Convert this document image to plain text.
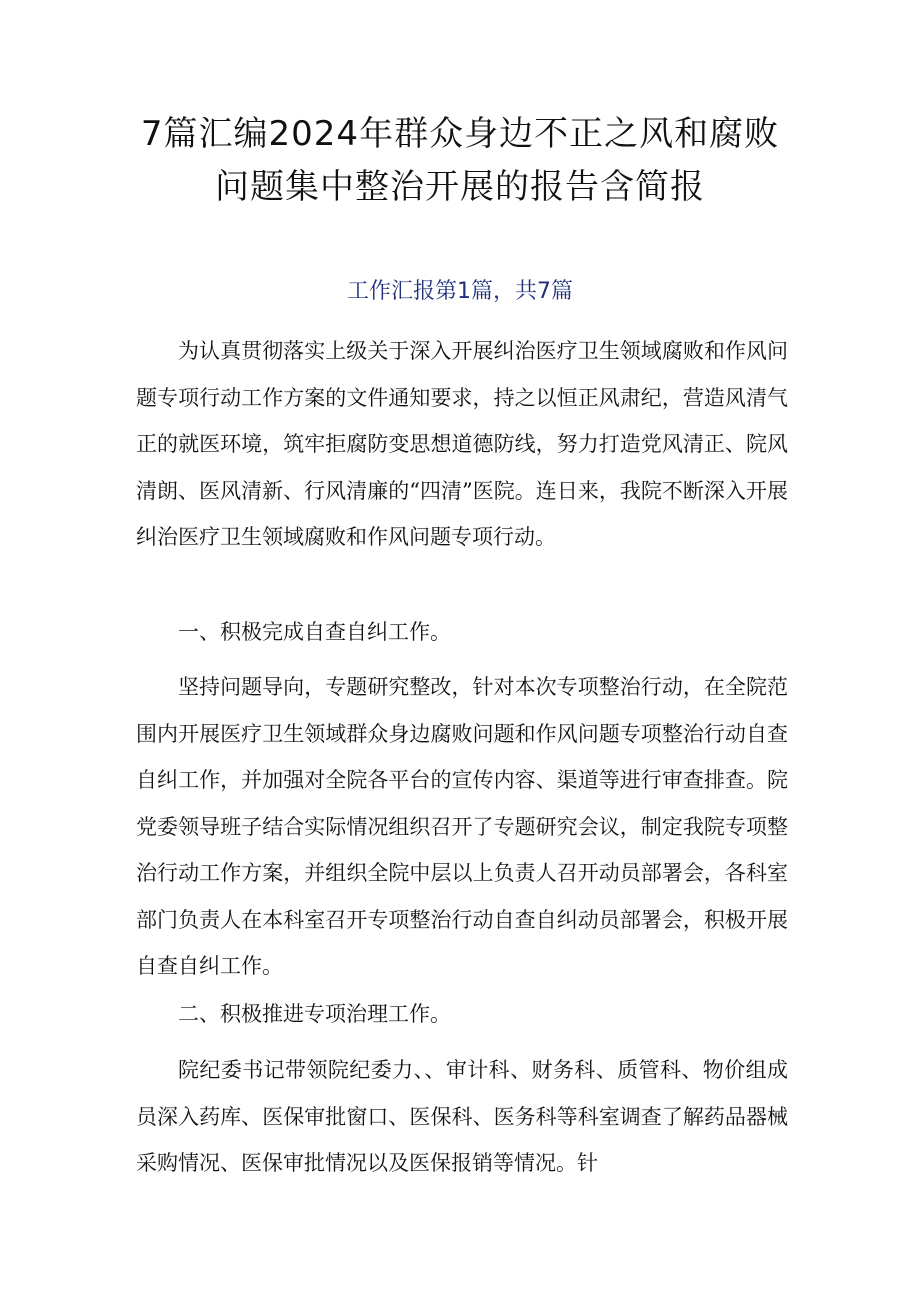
7篇汇编2024年群众身边不正之风和腐败
问题集中整治开展的报告含简报
工作汇报第1篇，共7篇

为认真贯彻落实上级关于深入开展纠治医疗卫生领域腐败和作风问题专项行动工作方案的文件通知要求，持之以恒正风肃纪，营造风清气正的就医环境，筑牢拒腐防变思想道德防线，努力打造党风清正、院风清朗、医风清新、行风清廉的“四清”医院。连日来，我院不断深入开展纠治医疗卫生领域腐败和作风问题专项行动。

一、积极完成自查自纠工作。

坚持问题导向，专题研究整改，针对本次专项整治行动，在全院范围内开展医疗卫生领域群众身边腐败问题和作风问题专项整治行动自查自纠工作，并加强对全院各平台的宣传内容、渠道等进行审查排查。院党委领导班子结合实际情况组织召开了专题研究会议，制定我院专项整治行动工作方案，并组织全院中层以上负责人召开动员部署会，各科室部门负责人在本科室召开专项整治行动自查自纠动员部署会，积极开展自查自纠工作。

二、积极推进专项治理工作。

院纪委书记带领院纪委力、、审计科、财务科、质管科、物价组成员深入药库、医保审批窗口、医保科、医务科等科室调查了解药品器械采购情况、医保审批情况以及医保报销等情况。针
